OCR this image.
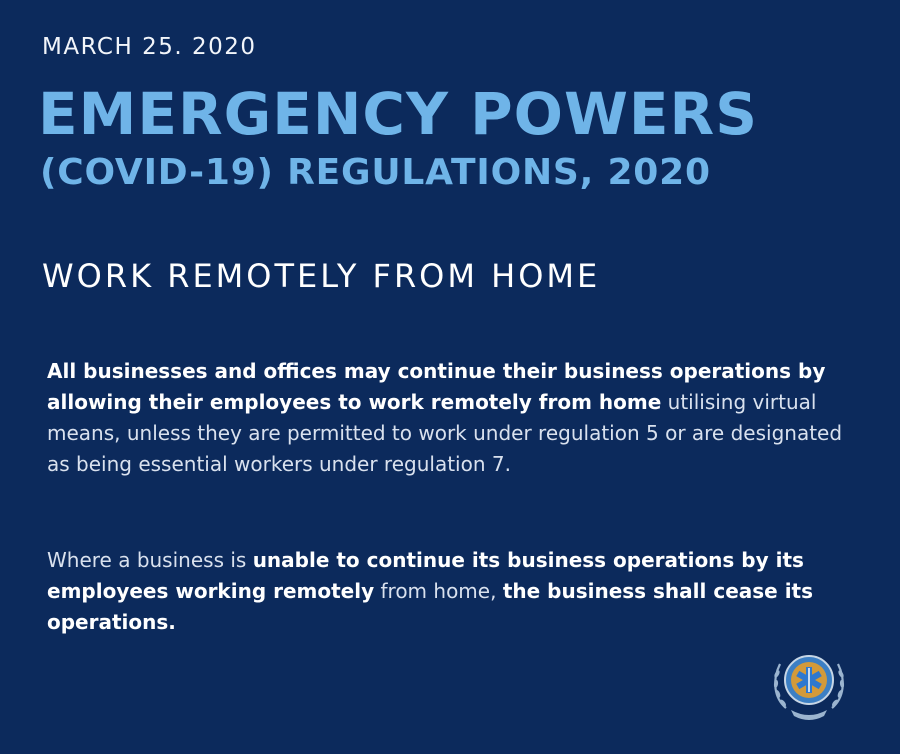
MARCH 25. 2020
EMERGENCY POWERS
(COVID-19) REGULATIONS, 2020
WORK REMOTELY FROM HOME
All businesses and offices may continue their business operations by allowing their employees to work remotely from home utilising virtual means, unless they are permitted to work under regulation 5 or are designated as being essential workers under regulation 7.
Where a business is unable to continue its business operations by its employees working remotely from home, the business shall cease its operations.
